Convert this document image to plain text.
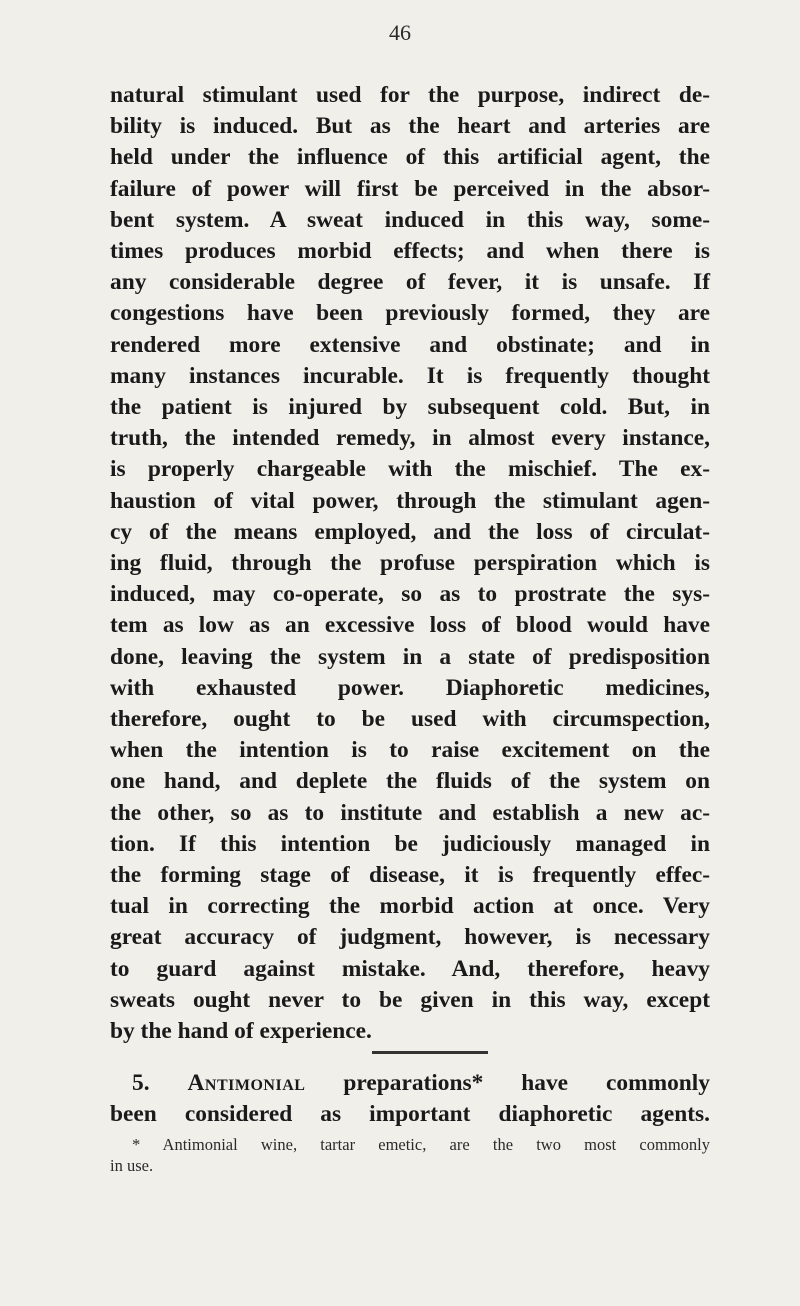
46
natural stimulant used for the purpose, indirect de-
bility is induced. But as the heart and arteries are
held under the influence of this artificial agent, the
failure of power will first be perceived in the absor-
bent system. A sweat induced in this way, some-
times produces morbid effects; and when there is
any considerable degree of fever, it is unsafe. If
congestions have been previously formed, they are
rendered more extensive and obstinate; and in
many instances incurable. It is frequently thought
the patient is injured by subsequent cold. But, in
truth, the intended remedy, in almost every instance,
is properly chargeable with the mischief. The ex-
haustion of vital power, through the stimulant agen-
cy of the means employed, and the loss of circulat-
ing fluid, through the profuse perspiration which is
induced, may co-operate, so as to prostrate the sys-
tem as low as an excessive loss of blood would have
done, leaving the system in a state of predisposition
with exhausted power. Diaphoretic medicines,
therefore, ought to be used with circumspection,
when the intention is to raise excitement on the
one hand, and deplete the fluids of the system on
the other, so as to institute and establish a new ac-
tion. If this intention be judiciously managed in
the forming stage of disease, it is frequently effec-
tual in correcting the morbid action at once. Very
great accuracy of judgment, however, is necessary
to guard against mistake. And, therefore, heavy
sweats ought never to be given in this way, except
by the hand of experience.
5. Antimonial preparations* have commonly
been considered as important diaphoretic agents.
* Antimonial wine, tartar emetic, are the two most commonly
in use.
